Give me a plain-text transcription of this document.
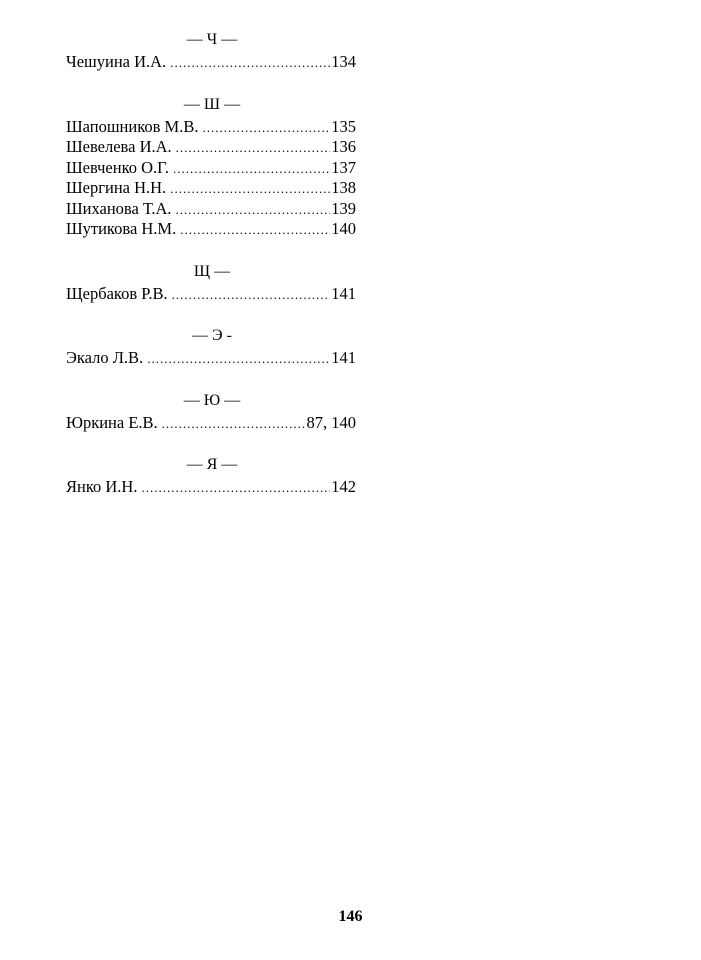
— Ч —
Чешуина И.А. .....	134
— Ш —
Шапошников М.В. .....	135
Шевелева И.А. .....	136
Шевченко О.Г. .....	137
Шергина Н.Н. .....	138
Шиханова Т.А. .....	139
Шутикова Н.М. .....	140
Щ —
Щербаков Р.В. .....	141
— Э -
Экало Л.В. .....	141
— Ю —
Юркина Е.В. .....	87, 140
— Я —
Янко И.Н. .....	142
146
